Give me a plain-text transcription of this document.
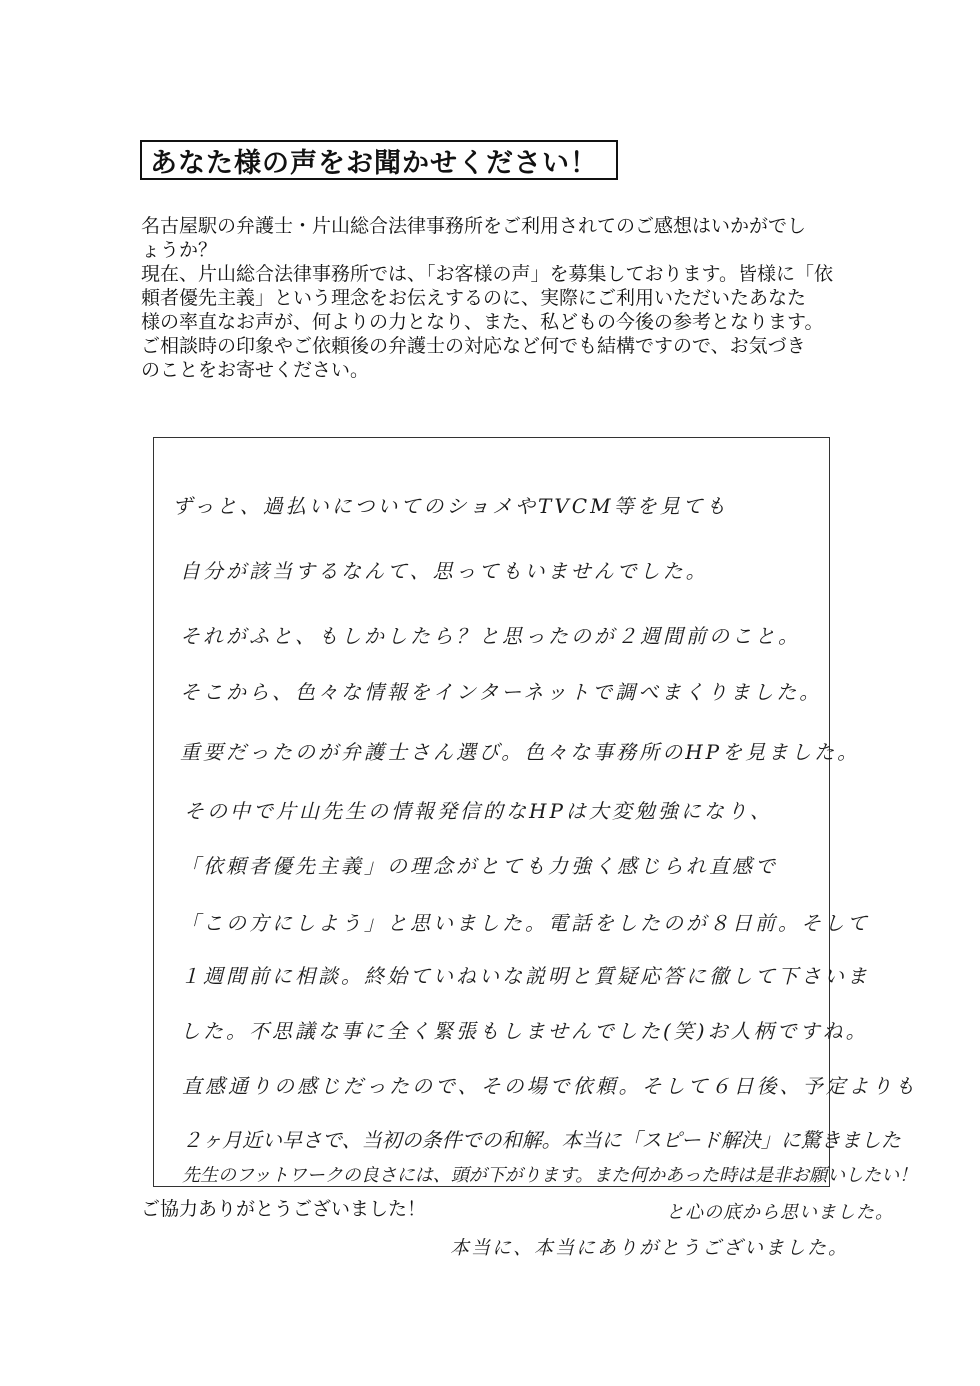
あなた様の声をお聞かせください！
名古屋駅の弁護士・片山総合法律事務所をご利用されてのご感想はいかがでし
ょうか？
現在、片山総合法律事務所では、「お客様の声」を募集しております。皆様に「依
頼者優先主義」という理念をお伝えするのに、実際にご利用いただいたあなた
様の率直なお声が、何よりの力となり、また、私どもの今後の参考となります。
ご相談時の印象やご依頼後の弁護士の対応など何でも結構ですので、お気づき
のことをお寄せください。
ずっと、過払いについてのショメやTVCM等を見ても
自分が該当するなんて、思ってもいませんでした。
それがふと、もしかしたら？と思ったのが２週間前のこと。
そこから、色々な情報をインターネットで調べまくりました。
重要だったのが弁護士さん選び。色々な事務所のHPを見ました。
その中で片山先生の情報発信的なHPは大変勉強になり、
「依頼者優先主義」の理念がとても力強く感じられ直感で
「この方にしよう」と思いました。電話をしたのが８日前。そして
１週間前に相談。終始ていねいな説明と質疑応答に徹して下さいま
した。不思議な事に全く緊張もしませんでした(笑)お人柄ですね。
直感通りの感じだったので、その場で依頼。そして６日後、予定よりも
２ヶ月近い早さで、当初の条件での和解。本当に「スピード解決」に驚きました
先生のフットワークの良さには、頭が下がります。また何かあった時は是非お願いしたい！
ご協力ありがとうございました！	と心の底から思いました。
本当に、本当にありがとうございました。
